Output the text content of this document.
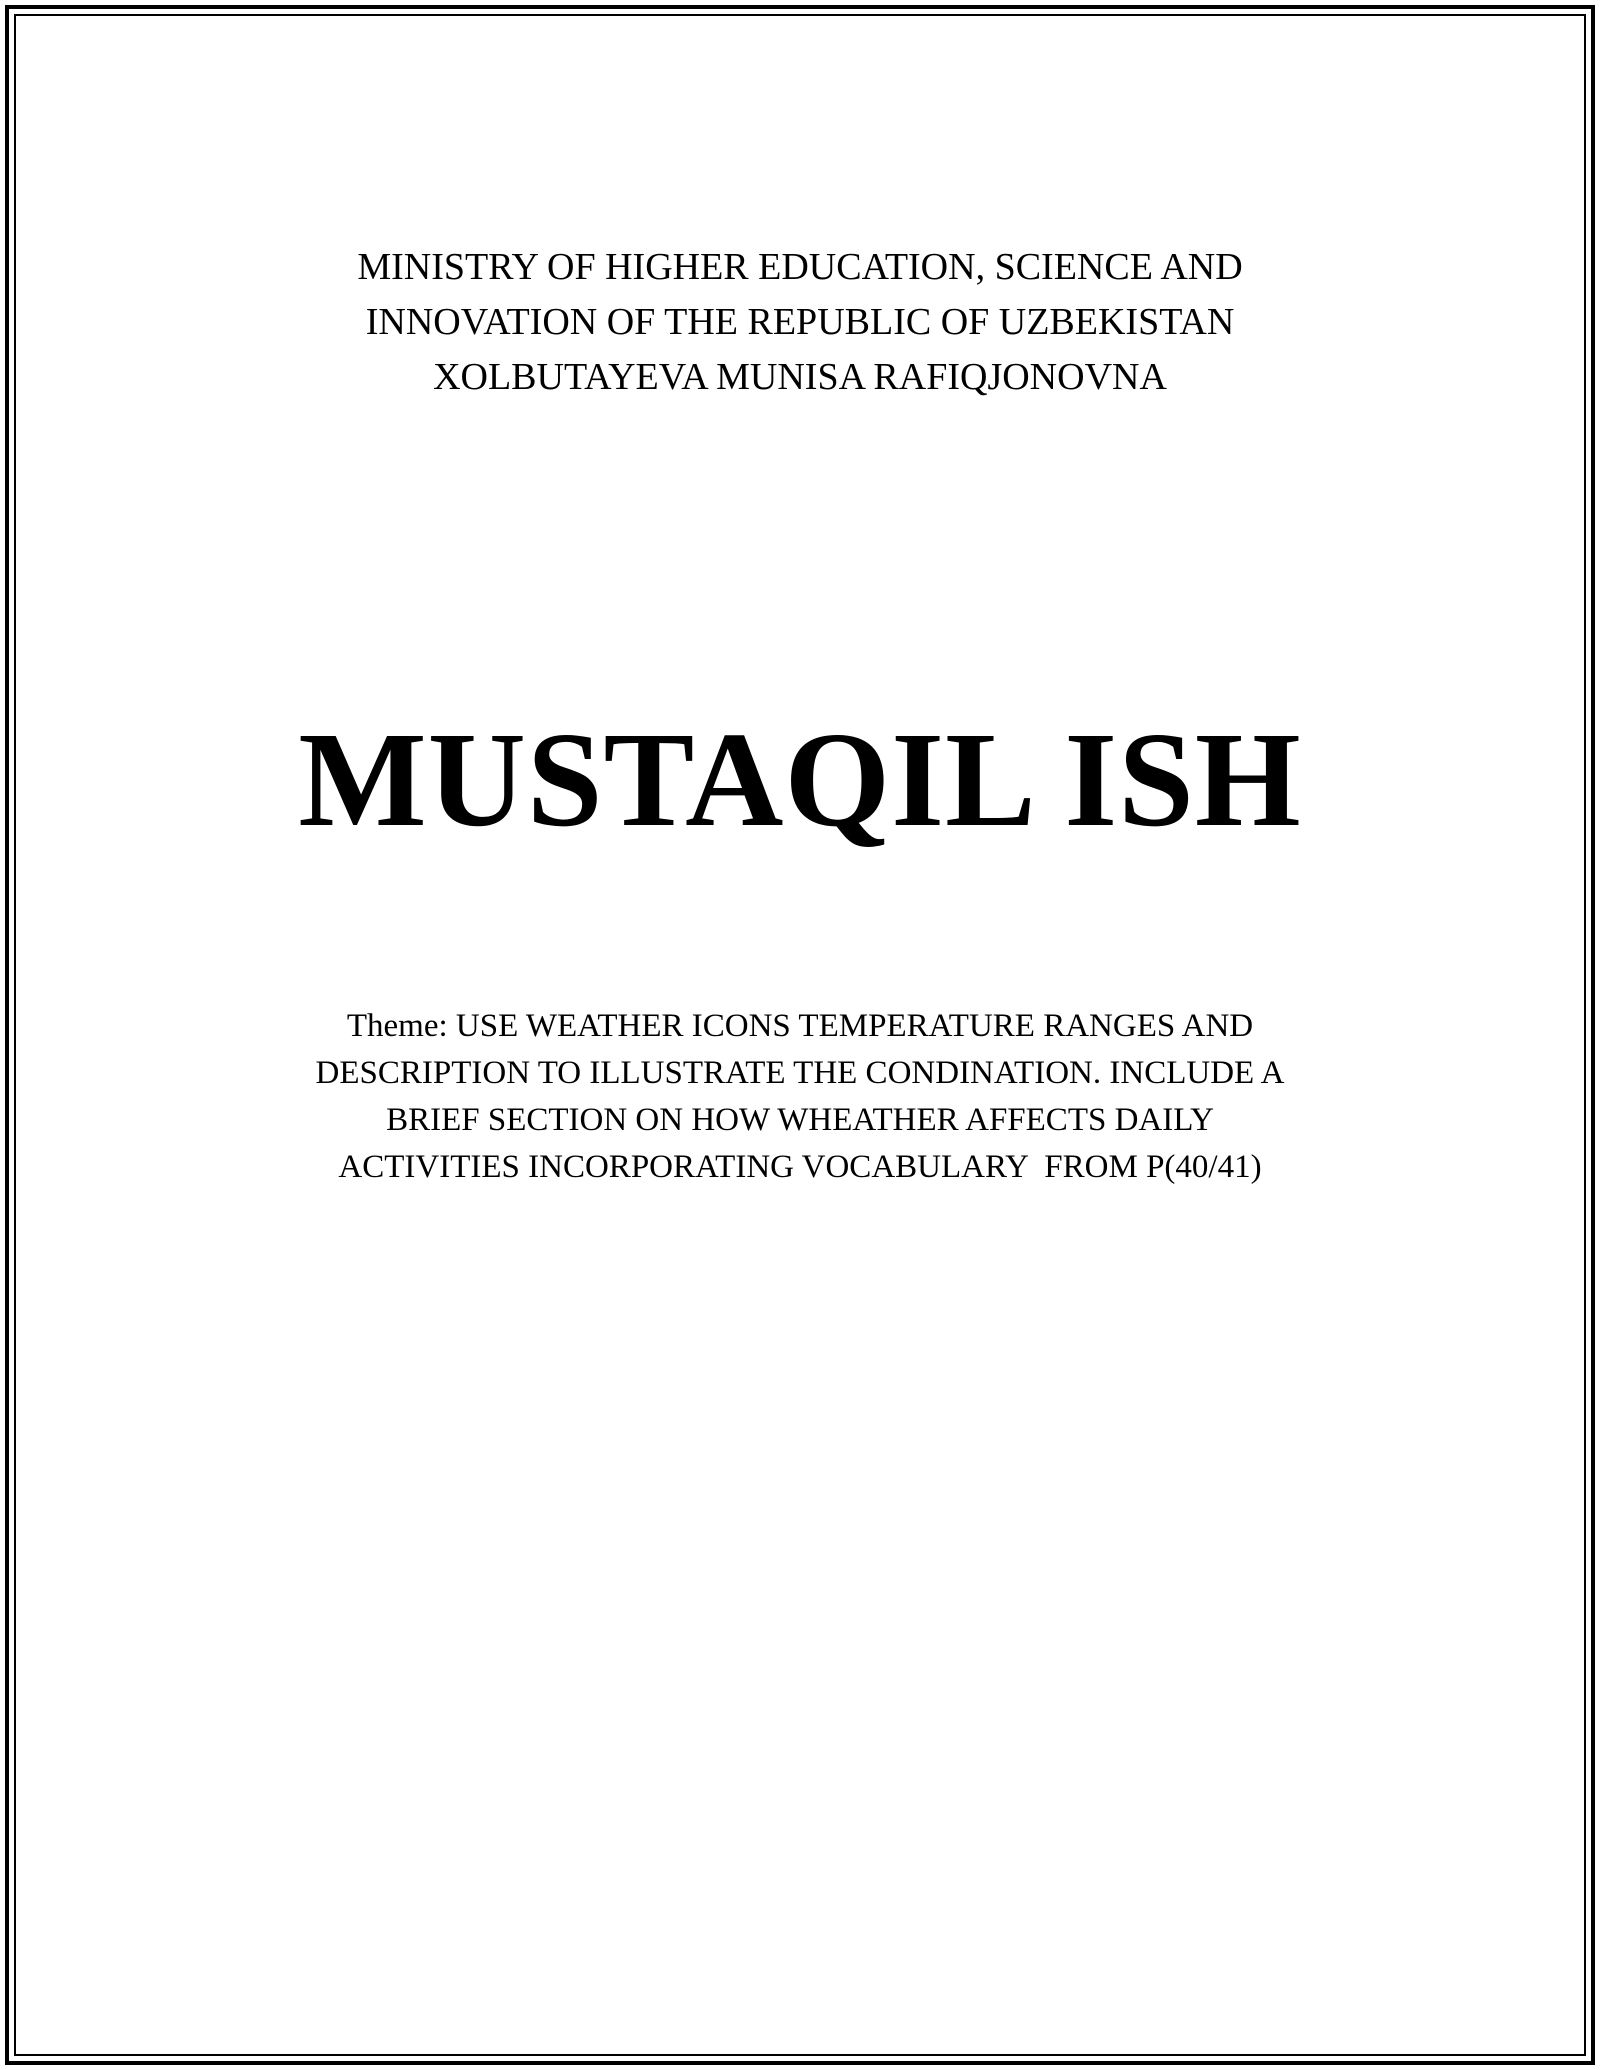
MINISTRY OF HIGHER EDUCATION, SCIENCE AND
INNOVATION OF THE REPUBLIC OF UZBEKISTAN
XOLBUTAYEVA MUNISA RAFIQJONOVNA
MUSTAQIL ISH
Theme: USE WEATHER ICONS TEMPERATURE RANGES AND
DESCRIPTION TO ILLUSTRATE THE CONDINATION. INCLUDE A
BRIEF SECTION ON HOW WHEATHER AFFECTS DAILY
ACTIVITIES INCORPORATING VOCABULARY  FROM P(40/41)
